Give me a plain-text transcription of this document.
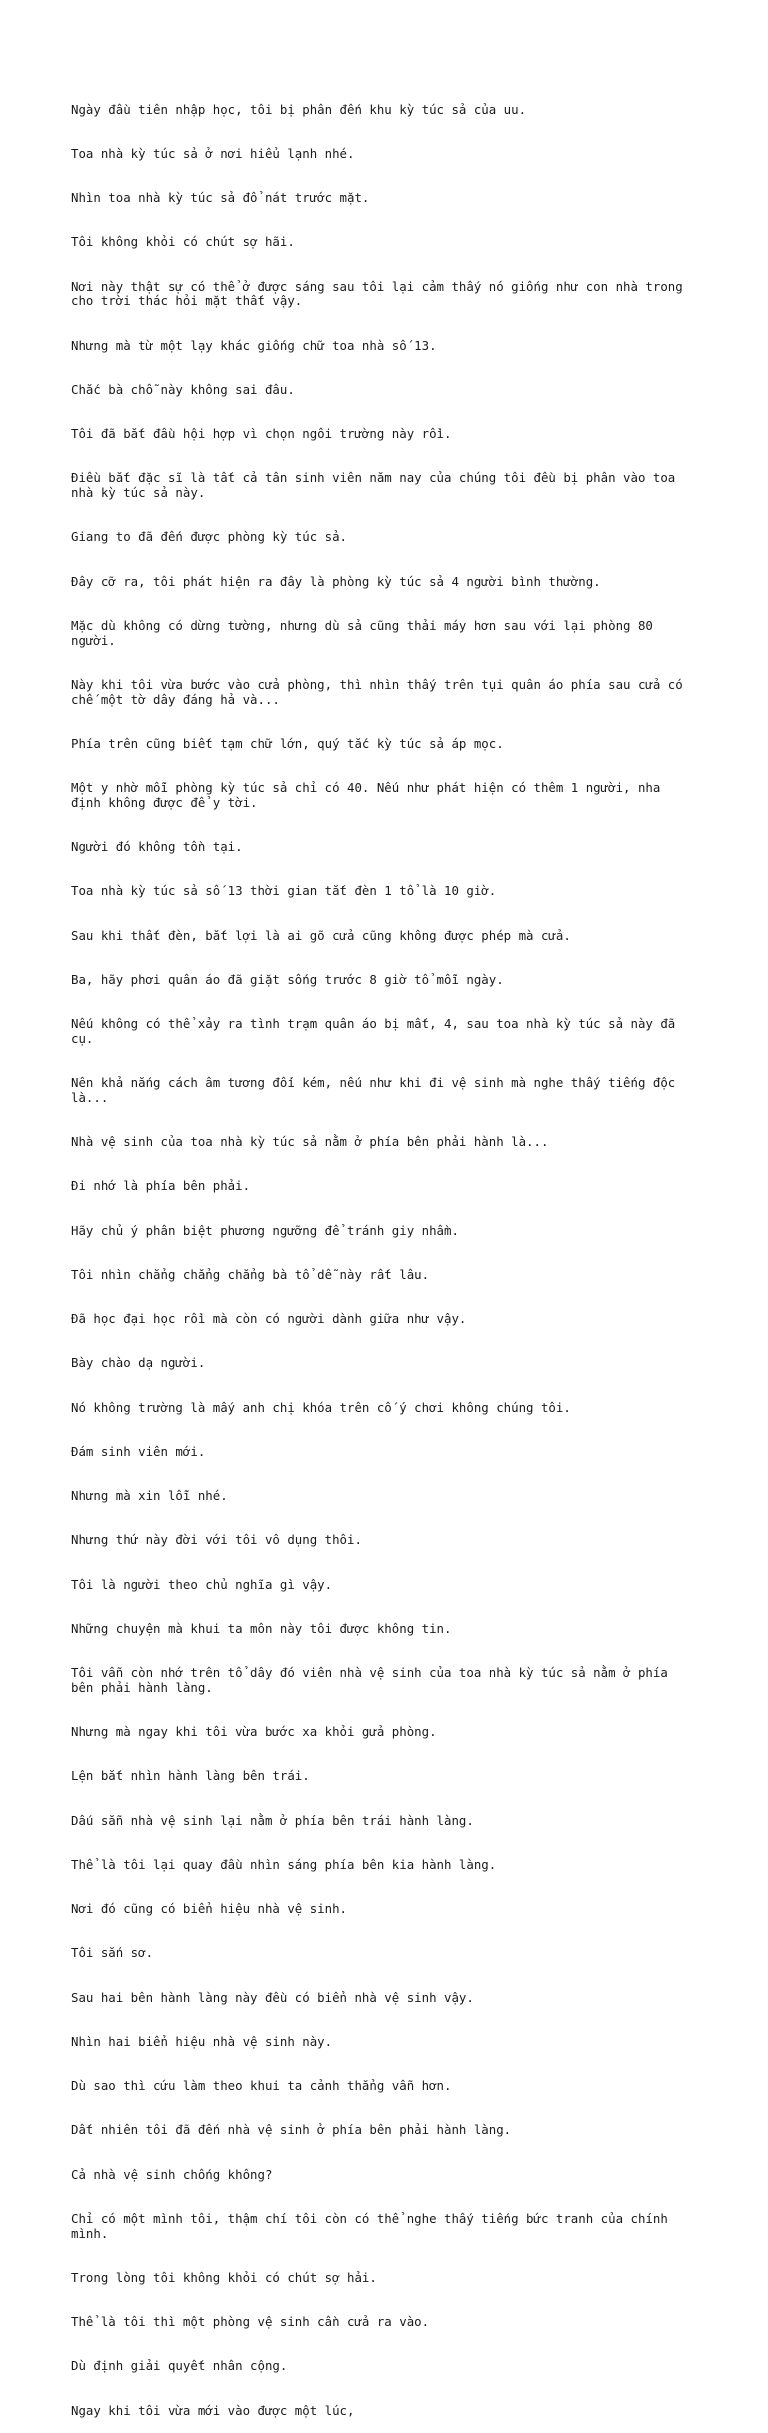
Ngày đầu tiên nhập học, tôi bị phân đến khu kỳ túc sả của uu.

Toa nhà kỳ túc sả ở nơi hiểu lạnh nhé.

Nhìn toa nhà kỳ túc sả đổ nát trước mặt.

Tôi không khỏi có chút sợ hãi.

Nơi này thật sự có thể ở được sáng sau tôi lại cảm thấy nó giống như con nhà trong
cho trời thác hỏi mặt thất vậy.

Nhưng mà từ một lạy khác giống chữ toa nhà số 13.

Chắc bà chỗ này không sai đâu.

Tôi đã bắt đầu hội hợp vì chọn ngôi trường này rồi.

Điều bắt đặc sĩ là tất cả tân sinh viên năm nay của chúng tôi đều bị phân vào toa
nhà kỳ túc sả này.

Giang to đã đến được phòng kỳ túc sả.

Đây cỡ ra, tôi phát hiện ra đây là phòng kỳ túc sả 4 người bình thường.

Mặc dù không có dừng tường, nhưng dù sả cũng thải máy hơn sau với lại phòng 80
người.

Này khi tôi vừa bước vào cửa phòng, thì nhìn thấy trên tụi quân áo phía sau cửa có
chế một tờ dây đáng hả và...

Phía trên cũng biết tạm chữ lớn, quý tắc kỳ túc sả áp mọc.

Một y nhờ mỗi phòng kỳ túc sả chỉ có 40. Nếu như phát hiện có thêm 1 người, nha
định không được để y tời.

Người đó không tồn tại.

Toa nhà kỳ túc sả số 13 thời gian tắt đèn 1 tổ là 10 giờ.

Sau khi thất đèn, bắt lợi là ai gõ cửa cũng không được phép mà cửa.

Ba, hãy phơi quân áo đã giặt sống trước 8 giờ tổ mỗi ngày.

Nếu không có thể xảy ra tình trạm quân áo bị mất, 4, sau toa nhà kỳ túc sả này đã
cụ.

Nên khả nắng cách âm tương đối kém, nếu như khi đi vệ sinh mà nghe thấy tiếng độc
là...

Nhà vệ sinh của toa nhà kỳ túc sả nằm ở phía bên phải hành là...

Đi nhớ là phía bên phải.

Hãy chủ ý phân biệt phương ngưỡng để tránh giy nhầm.

Tôi nhìn chẳng chẳng chẳng bà tổ dễ này rất lâu.

Đã học đại học rồi mà còn có người dành giữa như vậy.

Bày chào dạ người.

Nó không trường là mấy anh chị khóa trên cố ý chơi không chúng tôi.

Đám sinh viên mới.

Nhưng mà xin lỗi nhé.

Nhưng thứ này đời với tôi vô dụng thôi.

Tôi là người theo chủ nghĩa gì vậy.

Những chuyện mà khui ta môn này tôi được không tin.

Tôi vẫn còn nhớ trên tổ dây đó viên nhà vệ sinh của toa nhà kỳ túc sả nằm ở phía
bên phải hành làng.

Nhưng mà ngay khi tôi vừa bước xa khỏi gửa phòng.

Lện bắt nhìn hành làng bên trái.

Dấu sẵn nhà vệ sinh lại nằm ở phía bên trái hành làng.

Thể là tôi lại quay đầu nhìn sáng phía bên kia hành làng.

Nơi đó cũng có biển hiệu nhà vệ sinh.

Tôi sắn sơ.

Sau hai bên hành làng này đều có biển nhà vệ sinh vậy.

Nhìn hai biển hiệu nhà vệ sinh này.

Dù sao thì cứu làm theo khui ta cảnh thẳng vẫn hơn.

Dất nhiên tôi đã đến nhà vệ sinh ở phía bên phải hành làng.

Cả nhà vệ sinh chống không?

Chỉ có một mình tôi, thậm chí tôi còn có thể nghe thấy tiếng bức tranh của chính
mình.

Trong lòng tôi không khỏi có chút sợ hải.

Thể là tôi thì một phòng vệ sinh cần cửa ra vào.

Dù định giải quyết nhân cộng.

Ngay khi tôi vừa mới vào được một lúc,
